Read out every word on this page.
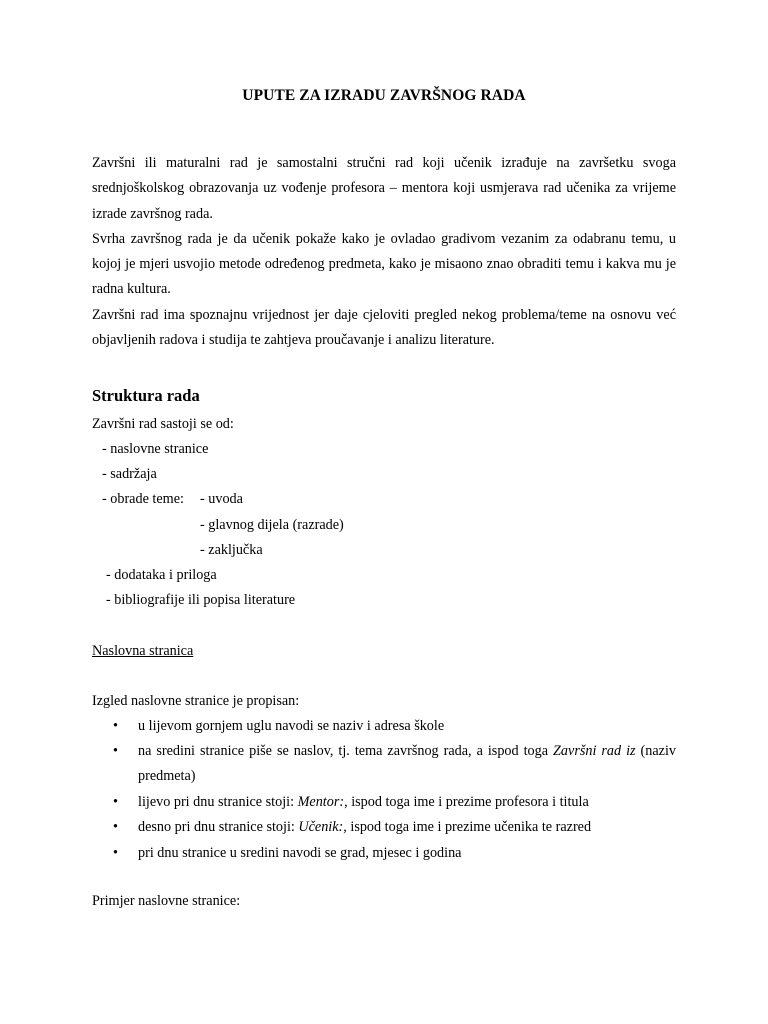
UPUTE ZA IZRADU ZAVRŠNOG RADA

Završni ili maturalni rad je samostalni stručni rad koji učenik izrađuje na završetku svoga srednjoškolskog obrazovanja uz vođenje profesora – mentora koji usmjerava rad učenika za vrijeme izrade završnog rada.

Svrha završnog rada je da učenik pokaže kako je ovladao gradivom vezanim za odabranu temu, u kojoj je mjeri usvojio metode određenog predmeta, kako je misaono znao obraditi temu i kakva mu je radna kultura.

Završni rad ima spoznajnu vrijednost jer daje cjeloviti pregled nekog problema/teme na osnovu već objavljenih radova i studija te zahtjeva proučavanje i analizu literature.

Struktura rada
Završni rad sastoji se od:
- naslovne stranice
- sadržaja
- obrade teme: - uvoda
- glavnog dijela (razrade)
- zaključka
- dodataka i priloga
- bibliografije ili popisa literature
Naslovna stranica
Izgled naslovne stranice je propisan:
• u lijevom gornjem uglu navodi se naziv i adresa škole
• na sredini stranice piše se naslov, tj. tema završnog rada, a ispod toga Završni rad iz (naziv predmeta)
• lijevo pri dnu stranice stoji: Mentor:, ispod toga ime i prezime profesora i titula
• desno pri dnu stranice stoji: Učenik:, ispod toga ime i prezime učenika te razred
• pri dnu stranice u sredini navodi se grad, mjesec i godina
Primjer naslovne stranice:
